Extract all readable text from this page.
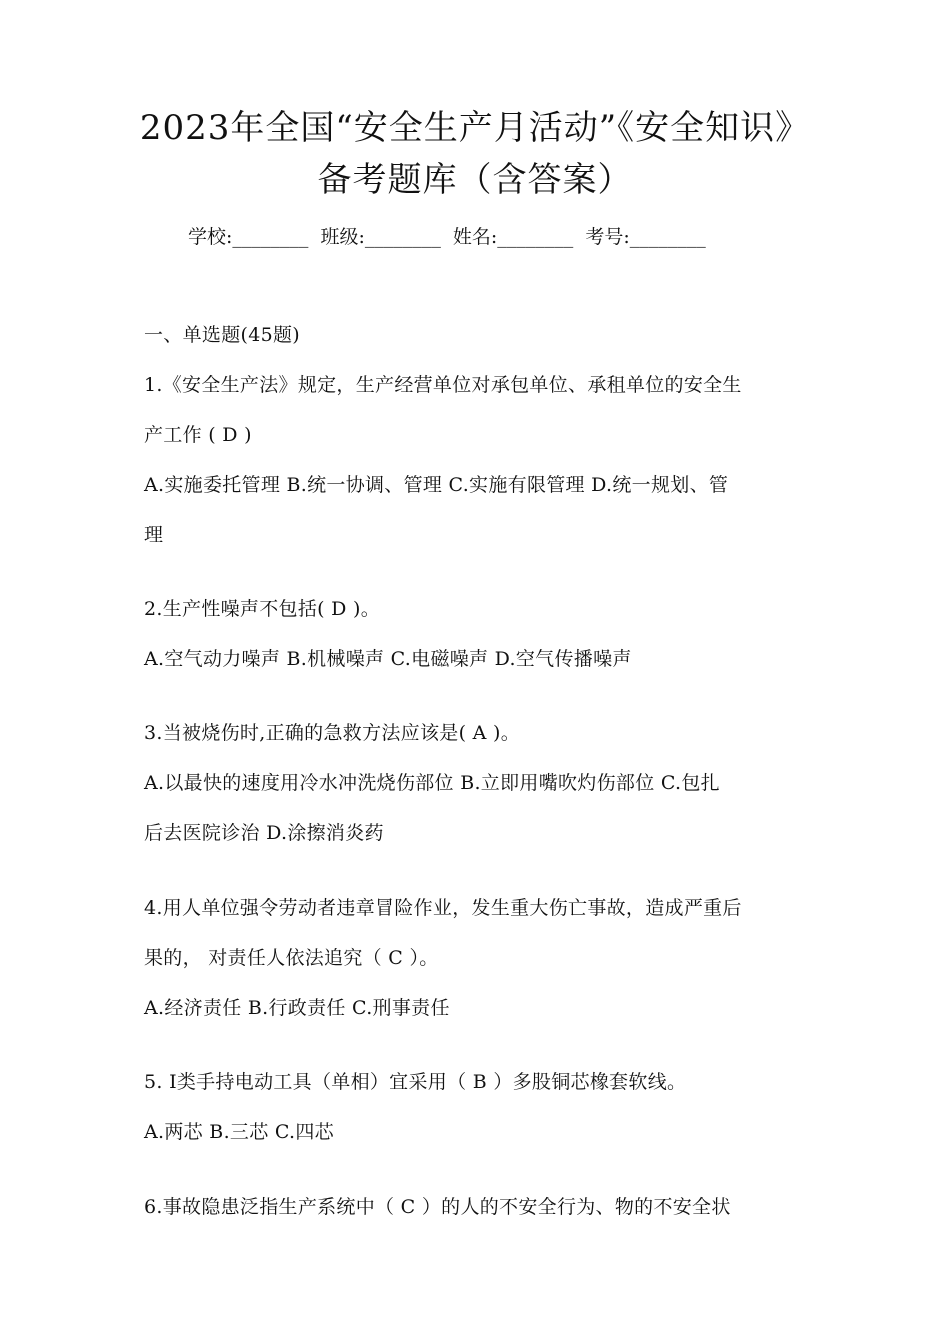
2023年全国“安全生产月活动”《安全知识》
备考题库（含答案）
学校:________ 班级:________ 姓名:________ 考号:________
一、单选题(45题)
1.《安全生产法》规定，生产经营单位对承包单位、承租单位的安全生
产工作 ( D )
A.实施委托管理 B.统一协调、管理 C.实施有限管理 D.统一规划、管
理
2.生产性噪声不包括( D )。
A.空气动力噪声 B.机械噪声 C.电磁噪声 D.空气传播噪声
3.当被烧伤时,正确的急救方法应该是( A )。
A.以最快的速度用冷水冲洗烧伤部位 B.立即用嘴吹灼伤部位 C.包扎
后去医院诊治 D.涂擦消炎药
4.用人单位强令劳动者违章冒险作业，发生重大伤亡事故，造成严重后
果的， 对责任人依法追究（ C ）。
A.经济责任 B.行政责任 C.刑事责任
5. Ⅰ类手持电动工具（单相）宜采用（ B ）多股铜芯橡套软线。
A.两芯 B.三芯 C.四芯
6.事故隐患泛指生产系统中（ C ）的人的不安全行为、物的不安全状
